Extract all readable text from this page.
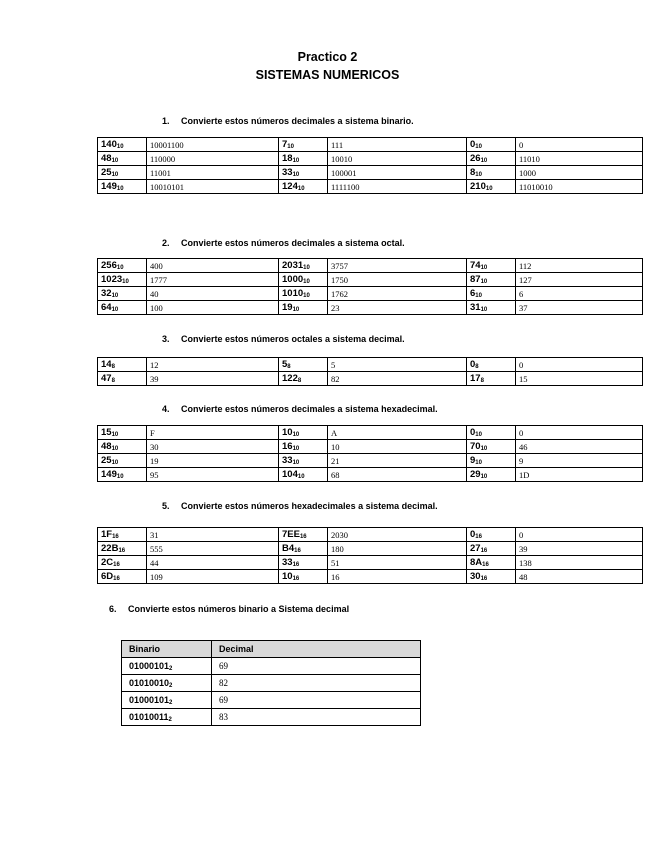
Practico 2
SISTEMAS NUMERICOS
1. Convierte estos números decimales a sistema binario.
$140_{10}$	10001100	$7_{10}$	111	$0_{10}$	0
$48_{10}$	110000	$18_{10}$	10010	$26_{10}$	11010
$25_{10}$	11001	$33_{10}$	100001	$8_{10}$	1000
$149_{10}$	10010101	$124_{10}$	1111100	$210_{10}$	11010010
2. Convierte estos números decimales a sistema octal.
$256_{10}$	400	$2031_{10}$	3757	$74_{10}$	112
$1023_{10}$	1777	$1000_{10}$	1750	$87_{10}$	127
$32_{10}$	40	$1010_{10}$	1762	$6_{10}$	6
$64_{10}$	100	$19_{10}$	23	$31_{10}$	37
3. Convierte estos números octales a sistema decimal.
$14_8$	12	$5_8$	5	$0_8$	0
$47_8$	39	$122_8$	82	$17_8$	15
4. Convierte estos números decimales a sistema hexadecimal.
$15_{10}$	F	$10_{10}$	A	$0_{10}$	0
$48_{10}$	30	$16_{10}$	10	$70_{10}$	46
$25_{10}$	19	$33_{10}$	21	$9_{10}$	9
$149_{10}$	95	$104_{10}$	68	$29_{10}$	1D
5. Convierte estos números hexadecimales a sistema decimal.
$1F_{16}$	31	$7EE_{16}$	2030	$0_{16}$	0
$22B_{16}$	555	$B4_{16}$	180	$27_{16}$	39
$2C_{16}$	44	$33_{16}$	51	$8A_{16}$	138
$6D_{16}$	109	$10_{16}$	16	$30_{16}$	48
6. Convierte estos números binario a Sistema decimal
Binario	Decimal
$01000101_2$	69
$01010010_2$	82
$01000101_2$	69
$01010011_2$	83
